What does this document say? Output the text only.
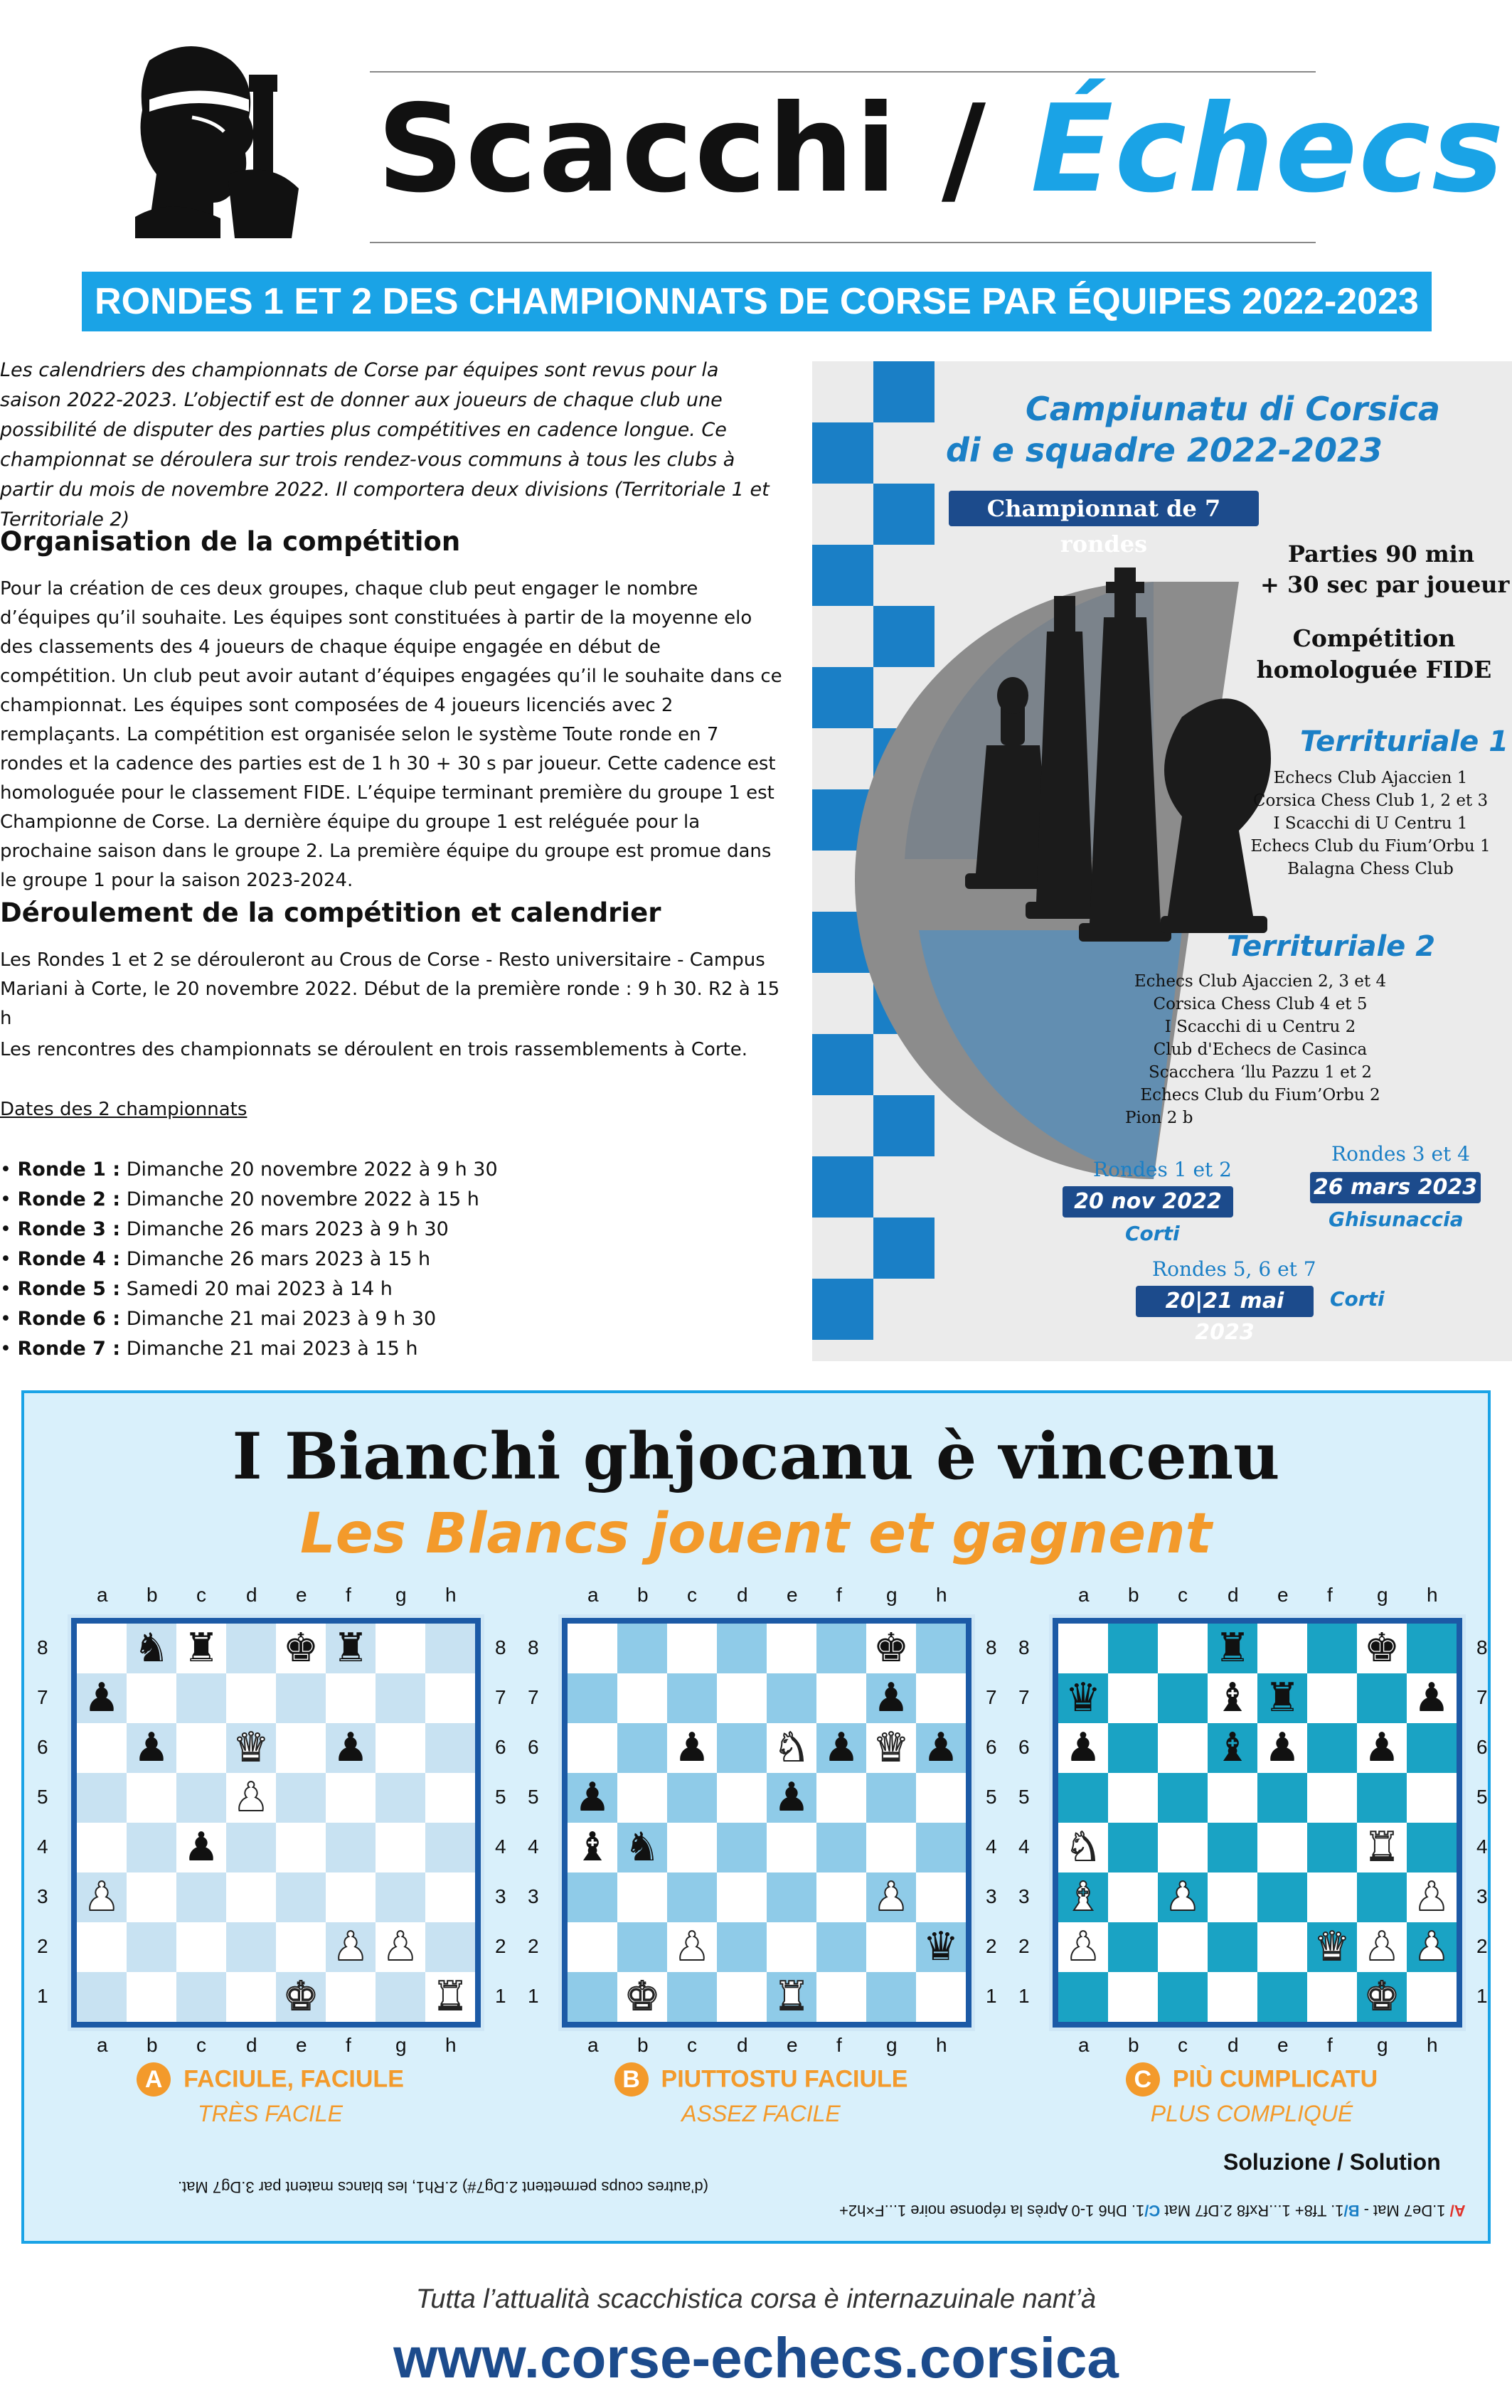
Scacchi / Échecs
RONDES 1 ET 2 DES CHAMPIONNATS DE CORSE PAR ÉQUIPES 2022-2023
Les calendriers des championnats de Corse par équipes sont revus pour la saison 2022-2023. L’objectif est de donner aux joueurs de chaque club une possibilité de disputer des parties plus compétitives en cadence longue. Ce championnat se déroulera sur trois rendez-vous communs à tous les clubs à partir du mois de novembre 2022. Il comportera deux divisions (Territoriale 1 et Territoriale 2)
Organisation de la compétition
Pour la création de ces deux groupes, chaque club peut engager le nombre d’équipes qu’il souhaite. Les équipes sont constituées à partir de la moyenne elo des classements des 4 joueurs de chaque équipe engagée en début de compétition. Un club peut avoir autant d’équipes engagées qu’il le souhaite dans ce championnat. Les équipes sont composées de 4 joueurs licenciés avec 2 remplaçants. La compétition est organisée selon le système Toute ronde en 7 rondes et la cadence des parties est de 1 h 30 + 30 s par joueur. Cette cadence est homologuée pour le classement FIDE. L’équipe terminant première du groupe 1 est Championne de Corse. La dernière équipe du groupe 1 est reléguée pour la prochaine saison dans le groupe 2. La première équipe du groupe est promue dans le groupe 1 pour la saison 2023-2024.
Déroulement de la compétition et calendrier
Les Rondes 1 et 2 se dérouleront au Crous de Corse - Resto universitaire - Campus Mariani à Corte, le 20 novembre 2022. Début de la première ronde : 9 h 30. R2 à 15 h
Les rencontres des championnats se déroulent en trois rassemblements à Corte.
Dates des 2 championnats
• Ronde 1 : Dimanche 20 novembre 2022 à 9 h 30
• Ronde 2 : Dimanche 20 novembre 2022 à 15 h
• Ronde 3 : Dimanche 26 mars 2023 à 9 h 30
• Ronde 4 : Dimanche 26 mars 2023 à 15 h
• Ronde 5 : Samedi 20 mai 2023 à 14 h
• Ronde 6 : Dimanche 21 mai 2023 à 9 h 30
• Ronde 7 : Dimanche 21 mai 2023 à 15 h
Campiunatu di Corsica
di e squadre 2022-2023
Championnat de 7 rondes	Parties 90 min
+ 30 sec par joueur
Compétition
homologuée FIDE
Territuriale 1
Echecs Club Ajaccien 1
Corsica Chess Club 1, 2 et 3
I Scacchi di U Centru 1
Echecs Club du Fium’Orbu 1
Balagna Chess Club
Territuriale 2
Echecs Club Ajaccien 2, 3 et 4
Corsica Chess Club 4 et 5
I Scacchi di u Centru 2
Club d'Echecs de Casinca
Scacchera ‘llu Pazzu 1 et 2
Echecs Club du Fium’Orbu 2
Pion 2 b
Rondes 1 et 2
20 nov 2022
Corti
Rondes 3 et 4
26 mars 2023
Ghisunaccia
Rondes 5, 6 et 7
20|21 mai 2023
Corti
I Bianchi ghjocanu è vincenu
Les Blancs jouent et gagnent
♞ ♜ ♚ ♜
♟
♟ ♛ ♟
♟
♟
♟
♟ ♟
♚	♜
a
a
b
b
c
c
d
d
e
e
f
f
g
g
h
h
8	8
7	7
6	6
5	5
4	4
3	3
2	2
1	1
♚
♟
♟ ♞ ♟ ♛ ♟
♟	♟
♝ ♞
♟
♟	♛
♚	♜
a
a
b
b
c
c
d
d
e
e
f
f
g
g
h
h
8	8
7	7
6	6
5	5
4	4
3	3
2	2
1	1
♜	♚
♛	♝ ♜	♟
♟	♝ ♟ ♟
♞	♜
♝ ♟	♟
♟	♛ ♟ ♟
♚
a
a
b
b
c
c
d
d
e
e
f
f
g
g
h
h
8	8
7	7
6	6
5	5
4	4
3	3
2	2
1	1
A FACIULE, FACIULE
TRÈS FACILE
B PIUTTOSTU FACIULE
ASSEZ FACILE
C PIÙ CUMPLICATU
PLUS COMPLIQUÉ
Soluzione / Solution
(d’autres coups permettent 2.Dg7#) 2.Rh1, les blancs matent par 3.Dg7 Mat.
A/ 1.De7 Mat - B/1. Tf8+ 1...Rxf8 2.Df7 Mat C/1. Dh6 1-0 Après la réponse noire 1...F×h2+
Tutta l’attualità scacchistica corsa è internazuinale nant’à
www.corse-echecs.corsica
